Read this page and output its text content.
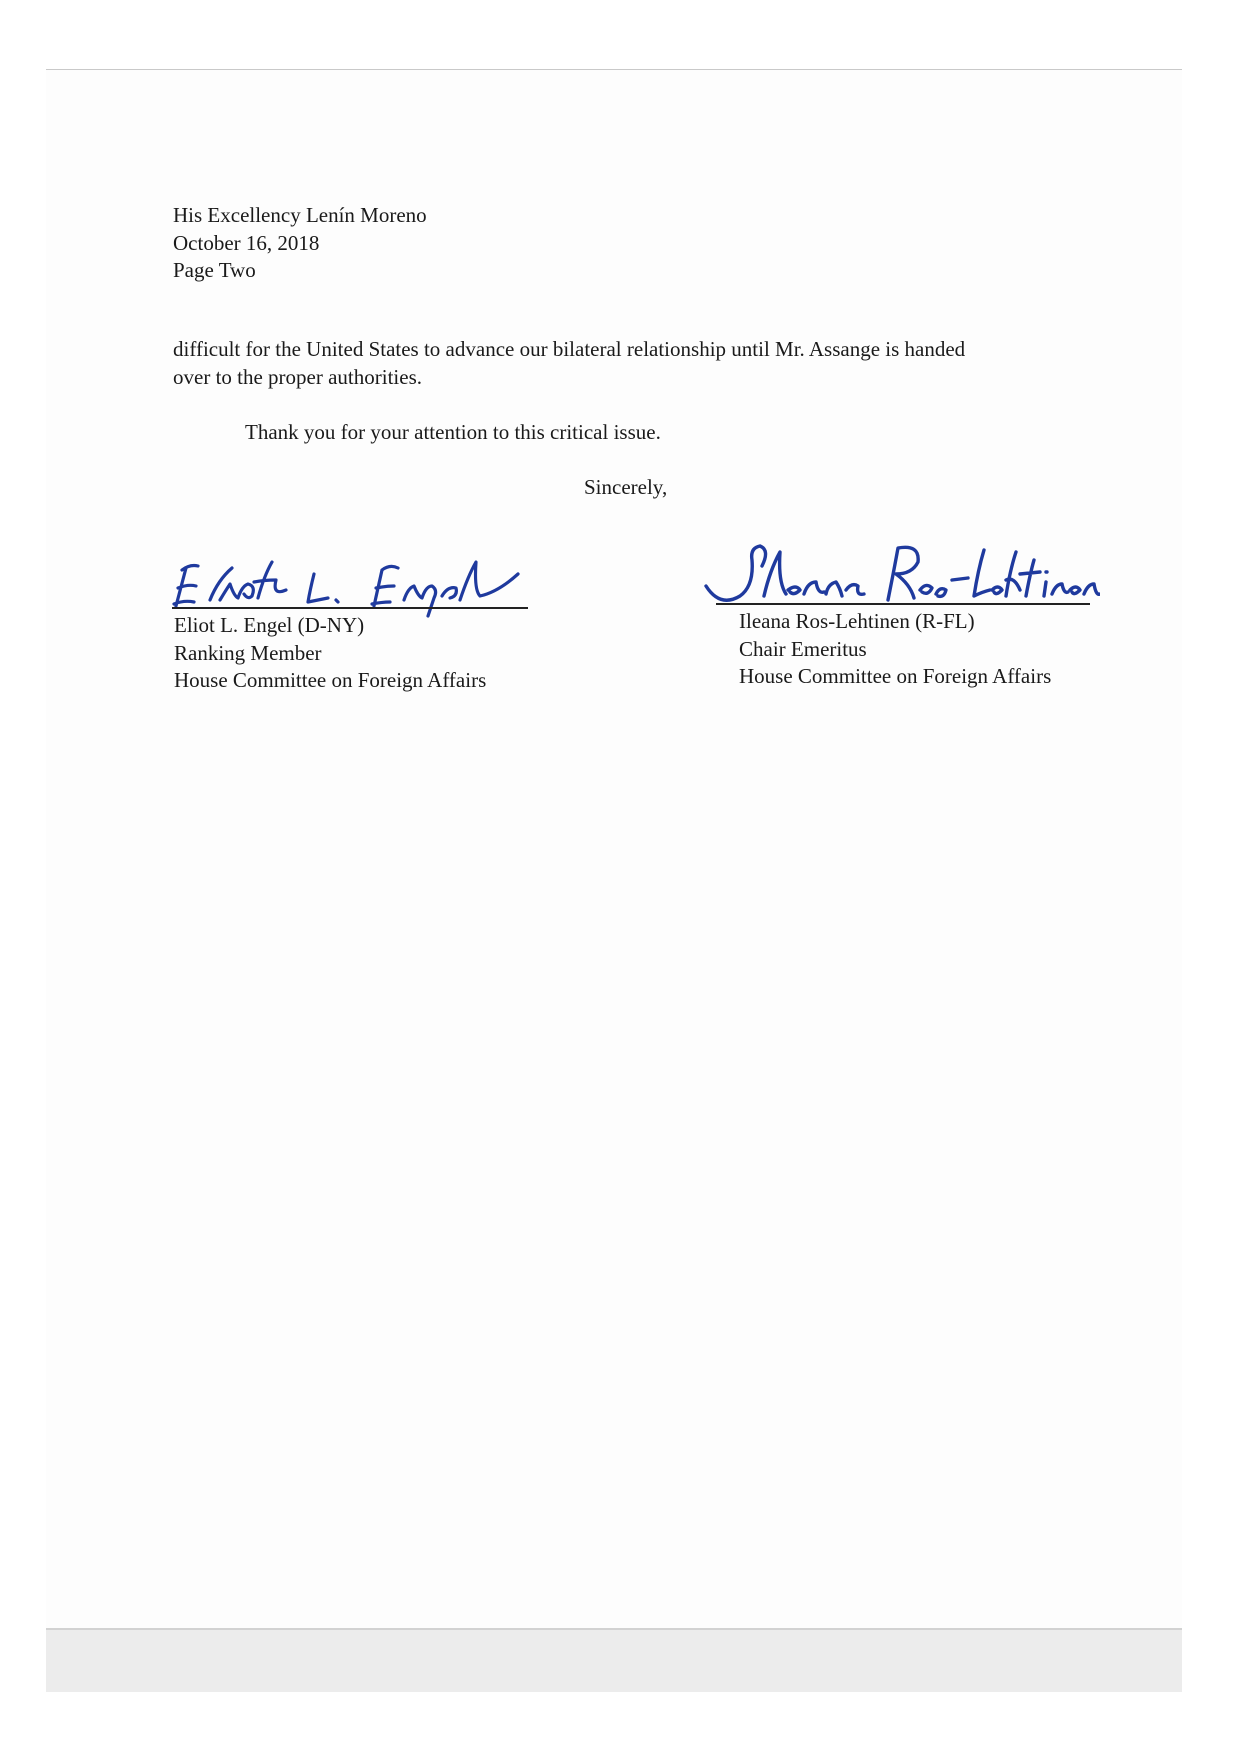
His Excellency Lenín Moreno
October 16, 2018
Page Two
difficult for the United States to advance our bilateral relationship until Mr. Assange is handed
over to the proper authorities.
Thank you for your attention to this critical issue.
Sincerely,
Eliot L. Engel (D-NY)
Ranking Member
House Committee on Foreign Affairs
Ileana Ros-Lehtinen (R-FL)
Chair Emeritus
House Committee on Foreign Affairs
